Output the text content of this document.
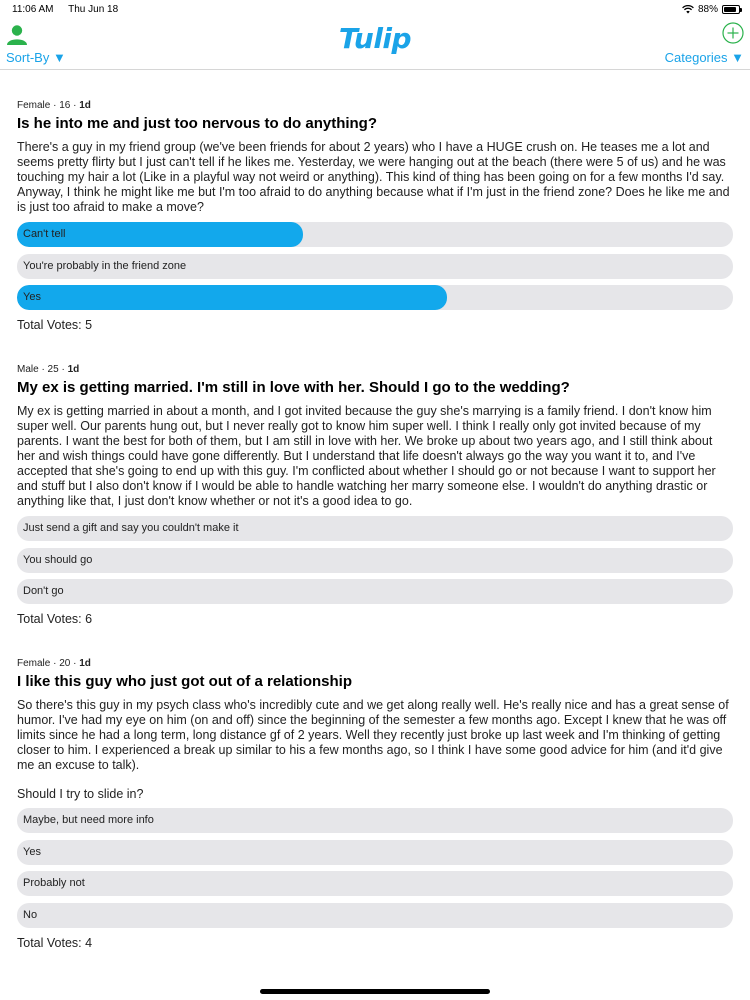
11:06 AM Thu Jun 18	88%
Sort-By ▼
Tulip
Categories ▼
Female · 16 · 1d
Is he into me and just too nervous to do anything?
There's a guy in my friend group (we've been friends for about 2 years) who I have a HUGE crush on. He teases me a lot and seems pretty flirty but I just can't tell if he likes me. Yesterday, we were hanging out at the beach (there were 5 of us) and he was touching my hair a lot (Like in a playful way not weird or anything). This kind of thing has been going on for a few months I'd say. Anyway, I think he might like me but I'm too afraid to do anything because what if I'm just in the friend zone? Does he like me and is just too afraid to make a move?
Can't tell
You're probably in the friend zone
Yes
Total Votes: 5
Male · 25 · 1d
My ex is getting married. I'm still in love with her. Should I go to the wedding?
My ex is getting married in about a month, and I got invited because the guy she's marrying is a family friend. I don't know him super well. Our parents hung out, but I never really got to know him super well. I think I really only got invited because of my parents. I want the best for both of them, but I am still in love with her. We broke up about two years ago, and I still think about her and wish things could have gone differently. But I understand that life doesn't always go the way you want it to, and I've accepted that she's going to end up with this guy. I'm conflicted about whether I should go or not because I want to support her and stuff but I also don't know if I would be able to handle watching her marry someone else. I wouldn't do anything drastic or anything like that, I just don't know whether or not it's a good idea to go.
Just send a gift and say you couldn't make it
You should go
Don't go
Total Votes: 6
Female · 20 · 1d
I like this guy who just got out of a relationship
So there's this guy in my psych class who's incredibly cute and we get along really well. He's really nice and has a great sense of humor. I've had my eye on him (on and off) since the beginning of the semester a few months ago. Except I knew that he was off limits since he had a long term, long distance gf of 2 years. Well they recently just broke up last week and I'm thinking of getting closer to him. I experienced a break up similar to his a few months ago, so I think I have some good advice for him (and it'd give me an excuse to talk).
Should I try to slide in?
Maybe, but need more info
Yes
Probably not
No
Total Votes: 4
